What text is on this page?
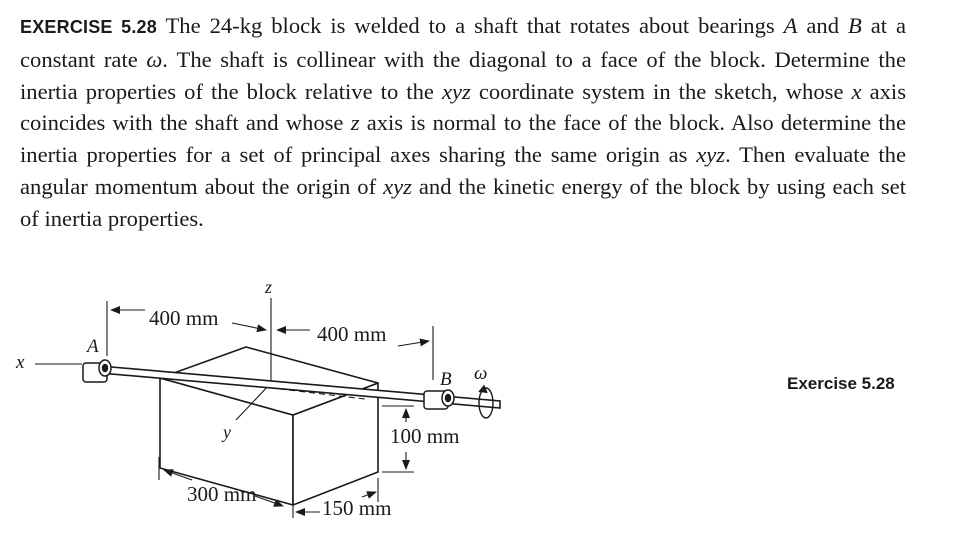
EXERCISE 5.28 The 24-kg block is welded to a shaft that rotates about bearings A and B at a constant rate ω. The shaft is collinear with the diagonal to a face of the block. Determine the inertia properties of the block relative to the xyz coordinate system in the sketch, whose x axis coincides with the shaft and whose z axis is normal to the face of the block. Also determine the inertia properties for a set of principal axes sharing the same origin as xyz. Then evaluate the angular momentum about the origin of xyz and the kinetic energy of the block by using each set of inertia properties.
x
y
z
A
B ω
400 mm
400 mm
100 mm
300 mm
150 mm
Exercise 5.28
